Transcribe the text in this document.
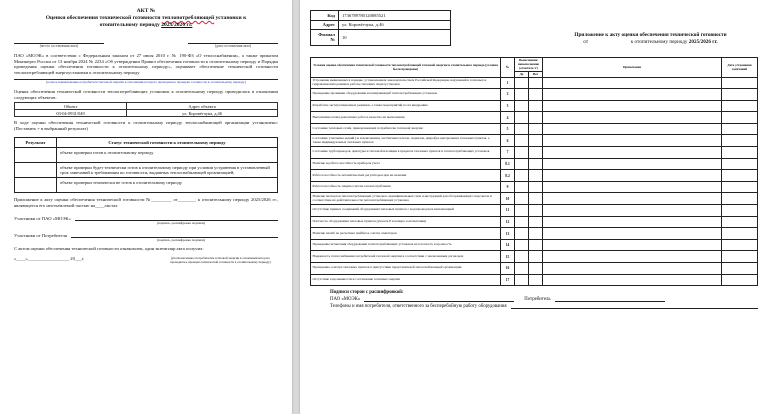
АКТ №
Оценки обеспечения технической готовности теплопотребляющей установки к
отопительному периоду 2025/2026 гг.
(место составления акта)	(дата составления акта)
ПАО «МОЭК» в соответствии с Федеральным законом от 27 июля 2010 г. № 190-ФЗ «О теплоснабжении», а также приказом Минэнерго России от 13 ноября 2024 № 2234 «Об утверждении Правил обеспечения готовности к отопительному периоду и Порядка проведения оценки обеспечения готовности к отопительному периоду», оценивает обеспечение технической готовности теплопотребляющей энергоустановки к отопительному периоду
(полное наименование потребителя тепловой энергии в отношении которого проводилась проверка готовности к отопительному периоду)
Оценка обеспечения технической готовности теплопотребляющих установок к отопительному периоду проводилась в отношении следующих объектов:
Объект	Адрес объекта
03-04-0931/049	ул. Коровёгчука, д.46
В ходе оценки обеспечения технической готовности к отопительному периоду теплоснабжающей организации установлено: (Поставить + в выбранный результат)
Результат	Статус технической готовности к отопительному периоду
	объект проверки готов к отопительному периоду
	объект проверки будет технически готов к отопительному периоду при условии устранения в установленный срок замечаний к требованиям по готовности, выданных теплоснабжающей организацией;
	объект проверки технически не готов к отопительному периоду
Приложение к акту оценки обеспечения технической готовности №_________ от________ к отопительному периоду 2025/2026 гг., являющееся его неотъемлемой частью на____листах
Участники от ПАО «МОЭК»
(подпись, расшифровка подписи)
Участники от Потребителя
(подпись, расшифровка подписи)
С актом оценки обеспечения технической готовности ознакомлен, один экземпляр акта получил:
«____»__________________ 20___г.	(уполномоченное потребителем тепловой энергии в отношении которого проводилась проверка технической готовности к отопительному периоду)
Код	1736789780120085521
Адрес	ул. Коровёгчука, д.46
Филиал №	10	Приложение к акту оценки обеспечения технической готовности
от	к отопительному периоду 2025/2026 гг.
Условия оценки обеспечения технической готовности теплопотребляющей тепловой энергии и отопительного периода (условия были проверены)	№	Выполнение/невыполнение (отметить V)		Примечание	Дата устранения замечаний
		Да	Нет		
Устранение выявленных в порядке, установленном законодательством Российской Федерации, нарушений в тепловых и гидравлических режимах работы тепловых энергоустановок	1				
Проведение промывки оборудования и коммуникаций теплопотребляющих установок	2				
Разработка эксплуатационных режимов, а также мероприятий по их внедрению	3				
Выполнение плана ремонтных работ и качество их выполнения	4				
Состояние тепловых сетей, принадлежащих потребителю тепловой энергии	5				
Состояние утепления зданий (за исключением, лестничных клеток, подвалов, дверей) и центральных тепловых пунктов, а также индивидуальных тепловых пунктов	6				
Состояние трубопроводов, арматуры и тепловой изоляции в пределах тепловых пунктов и теплопотребляющих установок	7				
Наличие и работоспособность приборов учета	8.1				
Работоспособность автоматических регуляторов при их наличии	8.2				
Работоспособность защиты систем теплопотребления	9				
Наличие паспортов теплопотребляющих установок, принципиальных схем и инструкций для обслуживающего персонала и соответствие их действительности теплопотребляющих установок	10				
Отсутствие прямых соединений оборудования тепловых пунктов с водопроводом и канализацией	11				
Плотность оборудования тепловых пунктов (указать P и номера за испытания)	12				
Наличие пломб на расчетных шайбах и соплах элеваторов	13				
Проведение испытания оборудования теплопотребляющих установок на плотность и прочность	14				
Надежность теплоснабжения потребителей тепловой энергии в соответствии с заключенным договором	15				
Проведение осмотра тепловых пунктов в присутствии представителей теплоснабжающей организации	16				
Отсутствие задолженности и составление тепловых энергии	17				
Подписи сторон с расшифровкой:
ПАО «МОЭК»	Потребитель
Телефоны и имя потребителя, ответственного за бесперебойную работу оборудования
